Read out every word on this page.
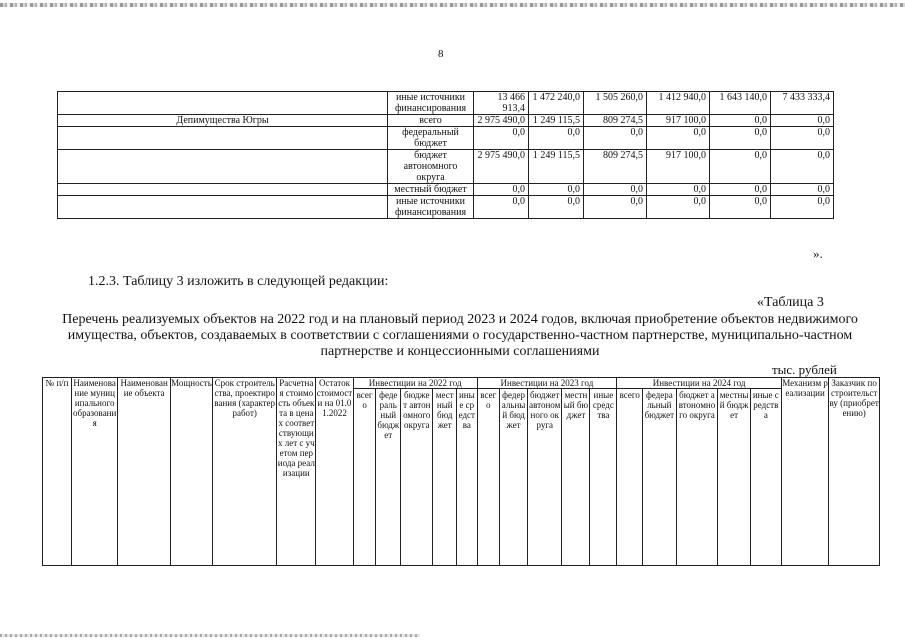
8
	иные источники финансирования	13 466 913,4	1 472 240,0	1 505 260,0	1 412 940,0	1 643 140,0	7 433 333,4
Депимущества Югры	всего	2 975 490,0	1 249 115,5	809 274,5	917 100,0	0,0	0,0
	федеральный бюджет	0,0	0,0	0,0	0,0	0,0	0,0
	бюджет автономного округа	2 975 490,0	1 249 115,5	809 274,5	917 100,0	0,0	0,0
	местный бюджет	0,0	0,0	0,0	0,0	0,0	0,0
	иные источники финансирования	0,0	0,0	0,0	0,0	0,0	0,0
».
1.2.3. Таблицу 3 изложить в следующей редакции:
«Таблица 3
Перечень реализуемых объектов на 2022 год и на плановый период 2023 и 2024 годов, включая приобретение объектов недвижимого имущества, объектов, создаваемых в соответствии с соглашениями о государственно-частном партнерстве, муниципально-частном партнерстве и концессионными соглашениями
тыс. рублей
№ п/п	Наименование муниципального образования	Наименование объекта	Мощность	Срок строительства, проектирования (характер работ)	Расчетная стоимость объекта в ценах соответствующих лет с учетом периода реализации	Остаток стоимости на 01.01.2022	Инвестиции на 2022 год					Инвестиции на 2023 год					Инвестиции на 2024 год					Механизм реализации	Заказчик по строительству (приобретению)
							всего	федеральный бюджет	бюджет автономного округа	местный бюджет	иные средства	всего	федеральный бюджет	бюджет автономного округа	местный бюджет	иные средства	всего	федеральный бюджет	бюджет автономного округа	местный бюджет	иные средства		
